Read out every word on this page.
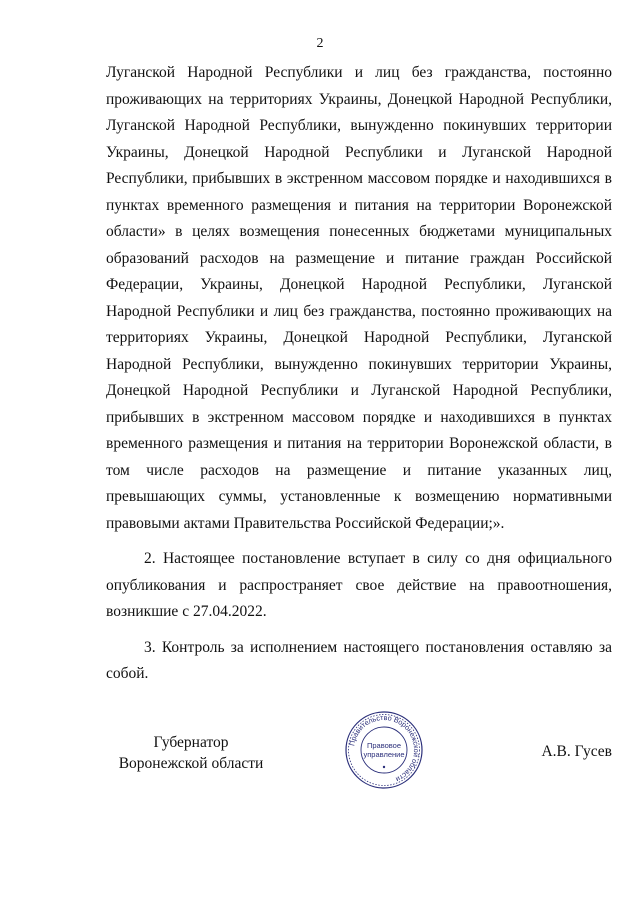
2

Луганской Народной Республики и лиц без гражданства, постоянно проживающих на территориях Украины, Донецкой Народной Республики, Луганской Народной Республики, вынужденно покинувших территории Украины, Донецкой Народной Республики и Луганской Народной Республики, прибывших в экстренном массовом порядке и находившихся в пунктах временного размещения и питания на территории Воронежской области» в целях возмещения понесенных бюджетами муниципальных образований расходов на размещение и питание граждан Российской Федерации, Украины, Донецкой Народной Республики, Луганской Народной Республики и лиц без гражданства, постоянно проживающих на территориях Украины, Донецкой Народной Республики, Луганской Народной Республики, вынужденно покинувших территории Украины, Донецкой Народной Республики и Луганской Народной Республики, прибывших в экстренном массовом порядке и находившихся в пунктах временного размещения и питания на территории Воронежской области, в том числе расходов на размещение и питание указанных лиц, превышающих суммы, установленные к возмещению нормативными правовыми актами Правительства Российской Федерации;».

2. Настоящее постановление вступает в силу со дня официального опубликования и распространяет свое действие на правоотношения, возникшие с 27.04.2022.

3. Контроль за исполнением настоящего постановления оставляю за собой.

Губернатор
Воронежской области
Правительство Воронежской области
Правовое
управление	А.В. Гусев
